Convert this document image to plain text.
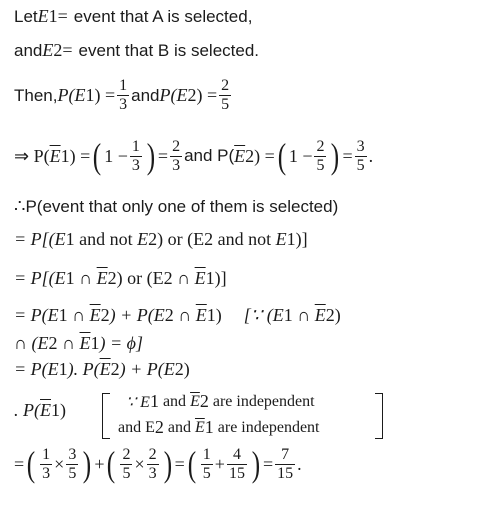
Let E 1 = event that A is selected,
and E 2 = event that B is selected.
Then, P(E 1 ) = $\frac{1}{3}$ and P(E 2 ) = $\frac{2}{5}$
⇒ P( $\overline{E}$ 1 ) = ( $1 - \frac{1}{3}$ ) = $\frac{2}{3}$ and P( $\overline{E}$ 2 ) = ( $1 - \frac{2}{5}$ ) = $\frac{3}{5}$ .
∴ P(event that only one of them is selected)
= P[(E 1 and not E 2 ) or (E 2 and not E 1 )]
= P[(E 1 ∩ $\overline{E}$ 2 ) or (E 2 ∩ $\overline{E}$ 1 )]
= P(E 1 ∩ $\overline{E}$ 2 ) + P(E 2 ∩ $\overline{E}$ 1 ) [∵ (E 1 ∩ $\overline{E}$ 2 )
∩ (E 2 ∩ $\overline{E}$ 1 ) = ϕ]
= P(E 1 ). P( $\overline{E}$ 2 ) + P(E 2 )
. P( $\overline{E}$ 1 )	∵ E 1 and $\overline{E}$ 2 are independent
and E 2 and $\overline{E}$ 1 are independent
= ( $\frac{1}{3} \times \frac{3}{5}$ ) + ( $\frac{2}{5} \times \frac{2}{3}$ ) = ( $\frac{1}{5} + \frac{4}{15}$ ) = $\frac{7}{15}$ .
